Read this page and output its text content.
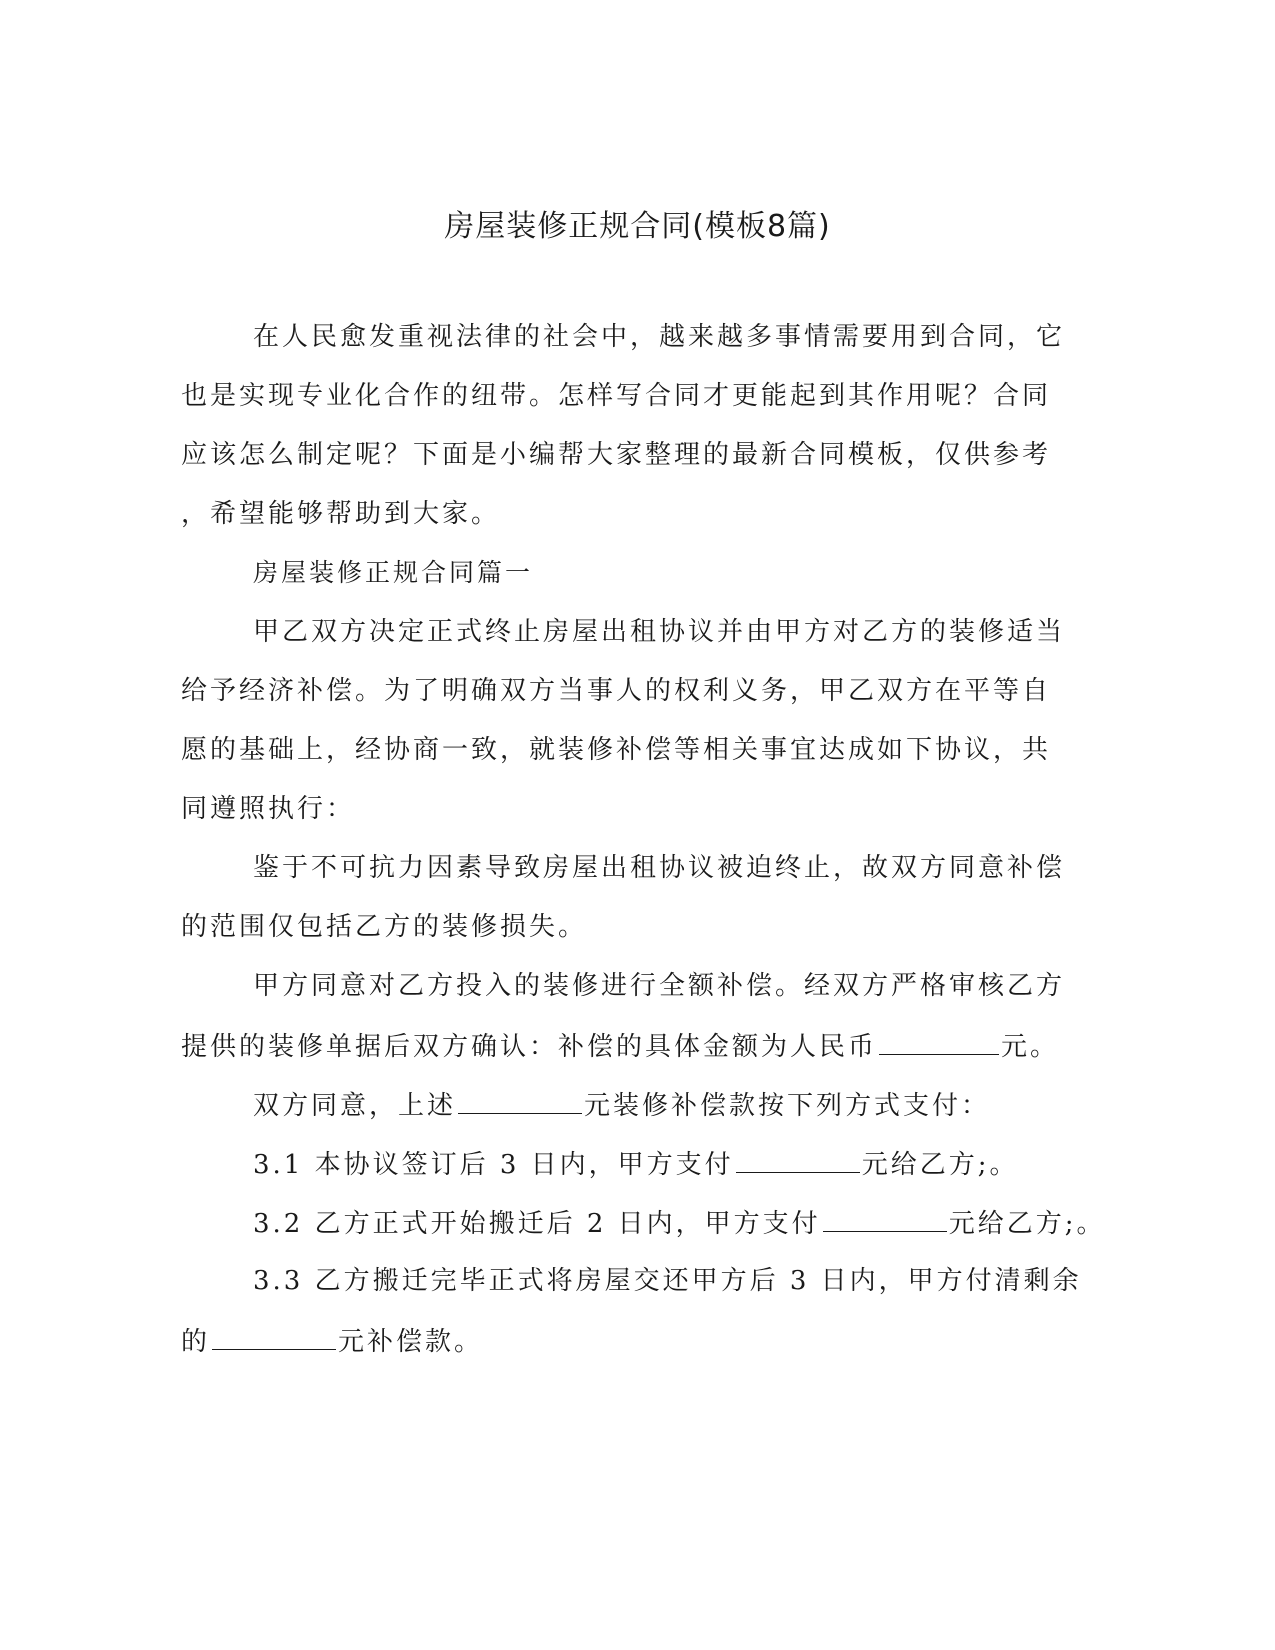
房屋装修正规合同(模板8篇)
在人民愈发重视法律的社会中，越来越多事情需要用到合同，它
也是实现专业化合作的纽带。怎样写合同才更能起到其作用呢？合同
应该怎么制定呢？下面是小编帮大家整理的最新合同模板，仅供参考
，希望能够帮助到大家。
房屋装修正规合同篇一
甲乙双方决定正式终止房屋出租协议并由甲方对乙方的装修适当
给予经济补偿。为了明确双方当事人的权利义务，甲乙双方在平等自
愿的基础上，经协商一致，就装修补偿等相关事宜达成如下协议，共
同遵照执行：
鉴于不可抗力因素导致房屋出租协议被迫终止，故双方同意补偿
的范围仅包括乙方的装修损失。
甲方同意对乙方投入的装修进行全额补偿。经双方严格审核乙方
提供的装修单据后双方确认：补偿的具体金额为人民币	元。
双方同意，上述	元装修补偿款按下列方式支付：
3.1 本协议签订后 3 日内，甲方支付	元给乙方;。
3.2 乙方正式开始搬迁后 2 日内，甲方支付	元给乙方;。
3.3 乙方搬迁完毕正式将房屋交还甲方后 3 日内，甲方付清剩余
的	元补偿款。
